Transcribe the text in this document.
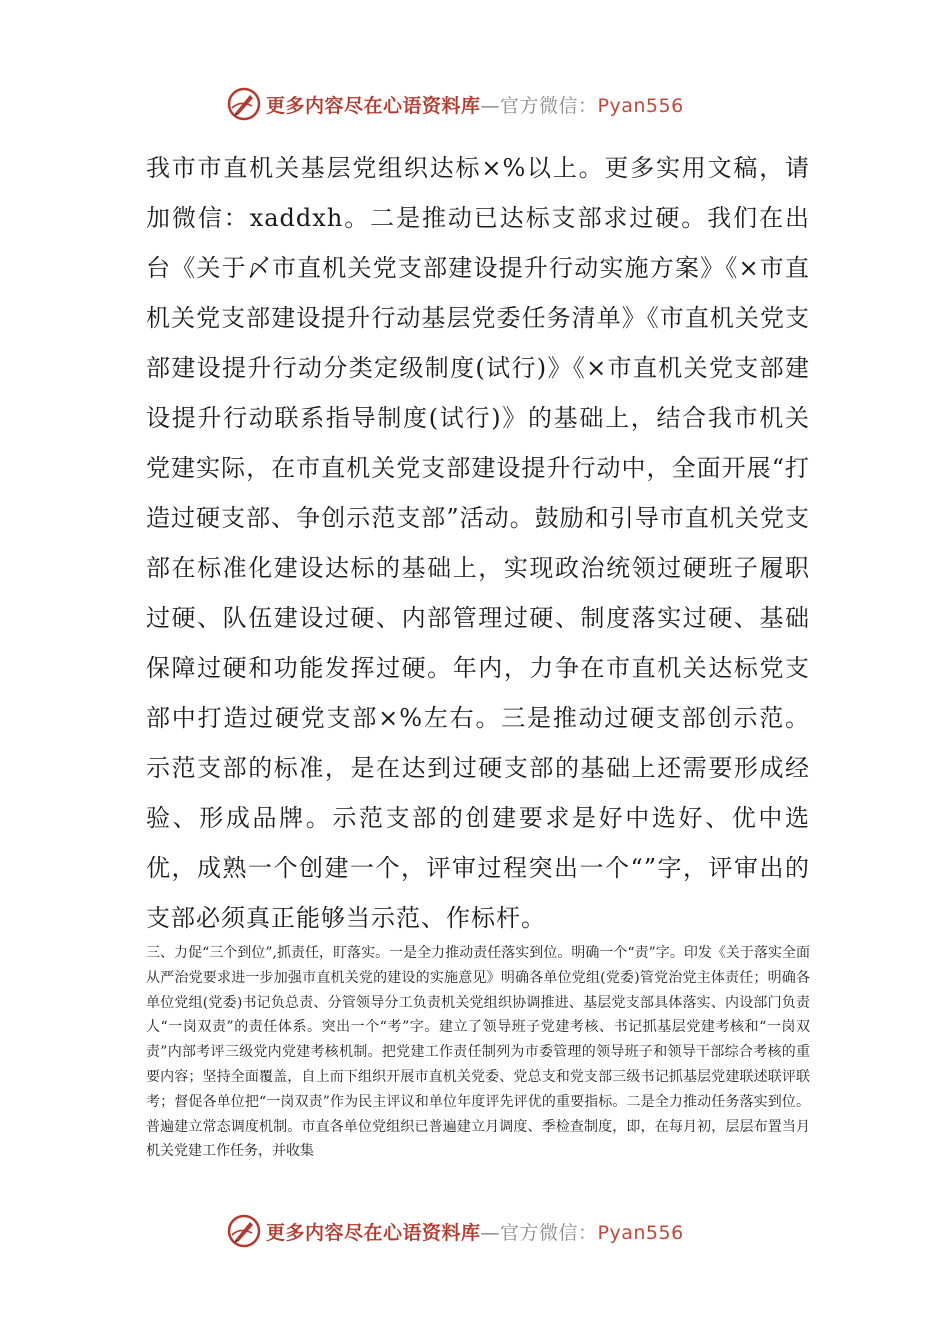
更多内容尽在心语资料库—官方微信：Pyan556

我市市直机关基层党组织达标×%以上。更多实用文稿，请加微信：xaddxh。二是推动已达标支部求过硬。我们在出台《关于〆市直机关党支部建设提升行动实施方案》《×市直机关党支部建设提升行动基层党委任务清单》《市直机关党支部建设提升行动分类定级制度(试行)》《×市直机关党支部建设提升行动联系指导制度(试行)》的基础上，结合我市机关党建实际，在市直机关党支部建设提升行动中，全面开展“打造过硬支部、争创示范支部”活动。鼓励和引导市直机关党支部在标准化建设达标的基础上，实现政治统领过硬班子履职过硬、队伍建设过硬、内部管理过硬、制度落实过硬、基础保障过硬和功能发挥过硬。年内，力争在市直机关达标党支部中打造过硬党支部×%左右。三是推动过硬支部创示范。示范支部的标准，是在达到过硬支部的基础上还需要形成经验、形成品牌。示范支部的创建要求是好中选好、优中选优，成熟一个创建一个，评审过程突出一个“”字，评审出的支部必须真正能够当示范、作标杆。

三、力促“三个到位”,抓责任，盯落实。一是全力推动责任落实到位。明确一个“责”字。印发《关于落实全面从严治党要求进一步加强市直机关党的建设的实施意见》明确各单位党组(党委)管党治党主体责任；明确各单位党组(党委)书记负总责、分管领导分工负责机关党组织协调推进、基层党支部具体落实、内设部门负责人“一岗双责”的责任体系。突出一个“考”字。建立了领导班子党建考核、书记抓基层党建考核和“一岗双责”内部考评三级党内党建考核机制。把党建工作责任制列为市委管理的领导班子和领导干部综合考核的重要内容；坚持全面覆盖，自上而下组织开展市直机关党委、党总支和党支部三级书记抓基层党建联述联评联考；督促各单位把“一岗双责”作为民主评议和单位年度评先评优的重要指标。二是全力推动任务落实到位。普遍建立常态调度机制。市直各单位党组织已普遍建立月调度、季检查制度，即，在每月初，层层布置当月机关党建工作任务，并收集

更多内容尽在心语资料库—官方微信：Pyan556
